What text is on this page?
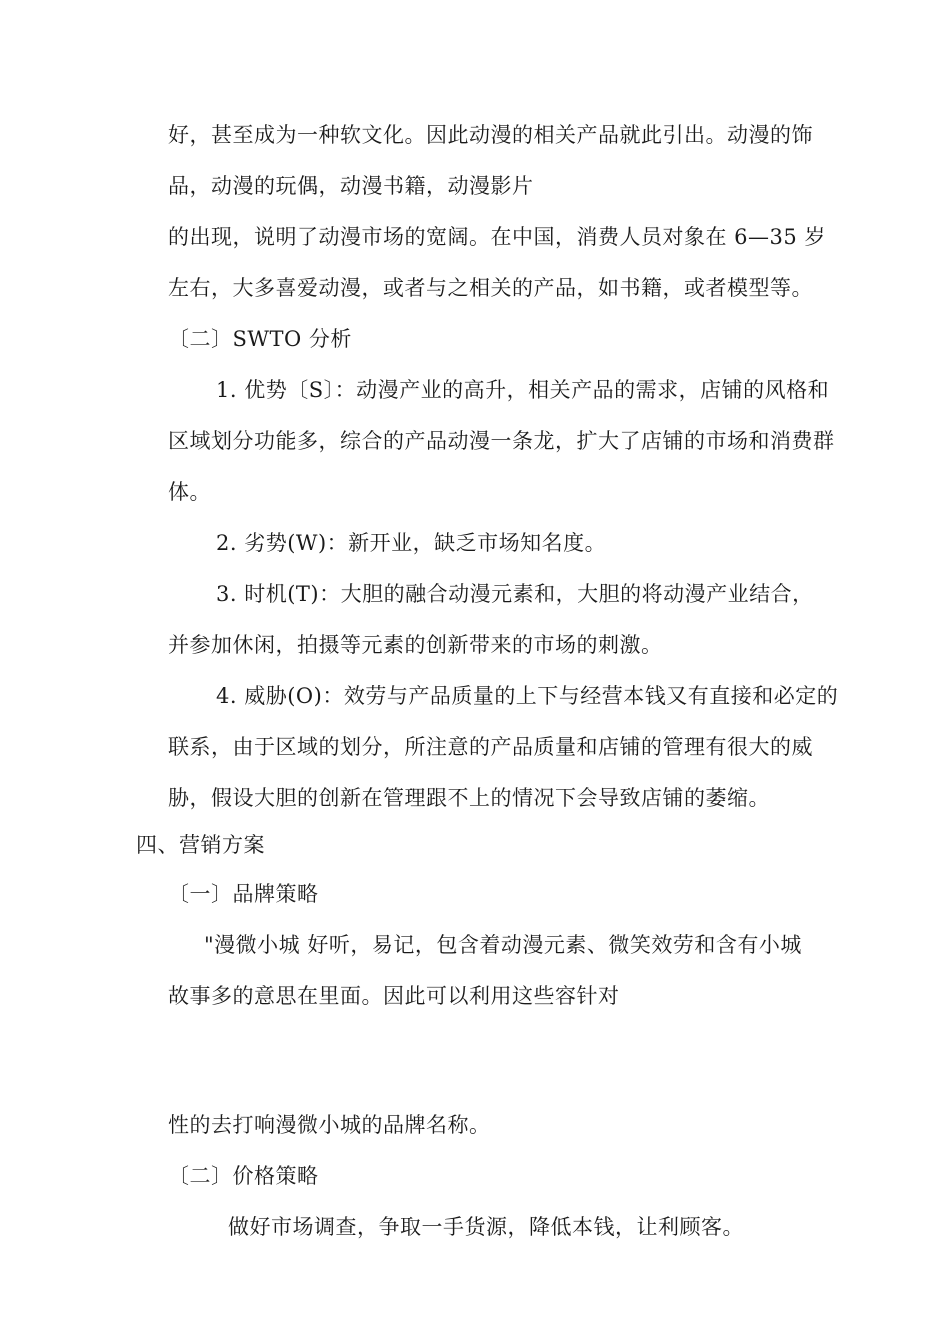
好，甚至成为一种软文化。因此动漫的相关产品就此引出。动漫的饰
品，动漫的玩偶，动漫书籍，动漫影片
的出现，说明了动漫市场的宽阔。在中国，消费人员对象在 6—35 岁
左右，大多喜爱动漫，或者与之相关的产品，如书籍，或者模型等。
〔二〕SWTO 分析
1. 优势〔S〕：动漫产业的高升，相关产品的需求，店铺的风格和
区域划分功能多，综合的产品动漫一条龙，扩大了店铺的市场和消费群
体。
2. 劣势(W)：新开业，缺乏市场知名度。
3. 时机(T)：大胆的融合动漫元素和，大胆的将动漫产业结合，
并参加休闲，拍摄等元素的创新带来的市场的刺激。
4. 威胁(O)：效劳与产品质量的上下与经营本钱又有直接和必定的
联系，由于区域的划分，所注意的产品质量和店铺的管理有很大的威
胁，假设大胆的创新在管理跟不上的情况下会导致店铺的萎缩。
四、营销方案
〔一〕品牌策略
"漫微小城 好听，易记，包含着动漫元素、微笑效劳和含有小城
故事多的意思在里面。因此可以利用这些容针对
性的去打响漫微小城的品牌名称。
〔二〕价格策略
做好市场调查，争取一手货源，降低本钱，让利顾客。
